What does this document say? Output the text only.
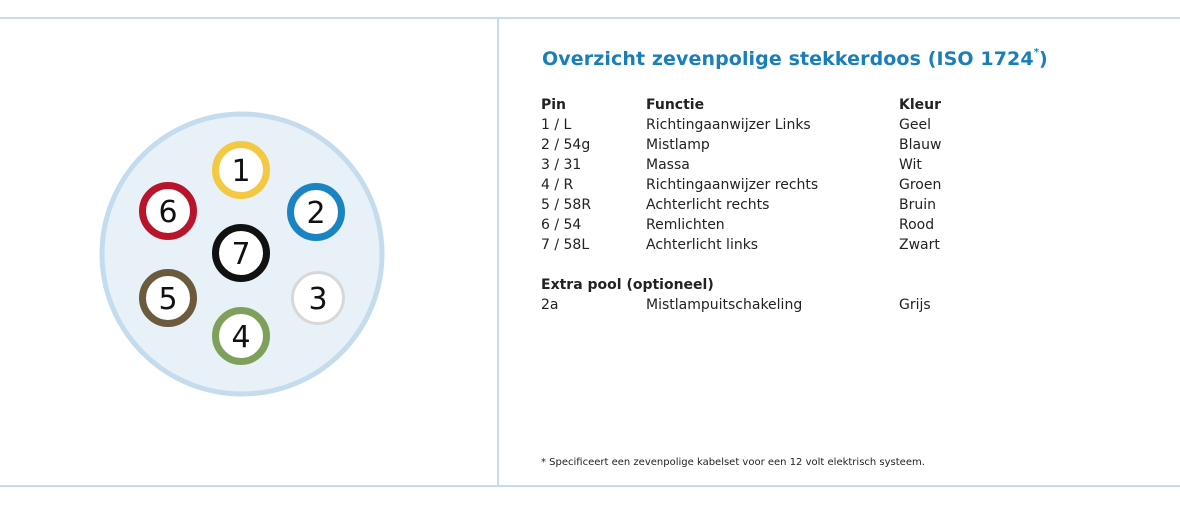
1
2
3
4
5
6
7
Overzicht zevenpolige stekkerdoos (ISO 1724*)
Pin	Functie	Kleur
1 / L	Richtingaanwijzer Links	Geel
2 / 54g	Mistlamp	Blauw
3 / 31	Massa	Wit
4 / R	Richtingaanwijzer rechts	Groen
5 / 58R	Achterlicht rechts	Bruin
6 / 54	Remlichten	Rood
7 / 58L	Achterlicht links	Zwart
Extra pool (optioneel)
2a	Mistlampuitschakeling	Grijs
* Specificeert een zevenpolige kabelset voor een 12 volt elektrisch systeem.
